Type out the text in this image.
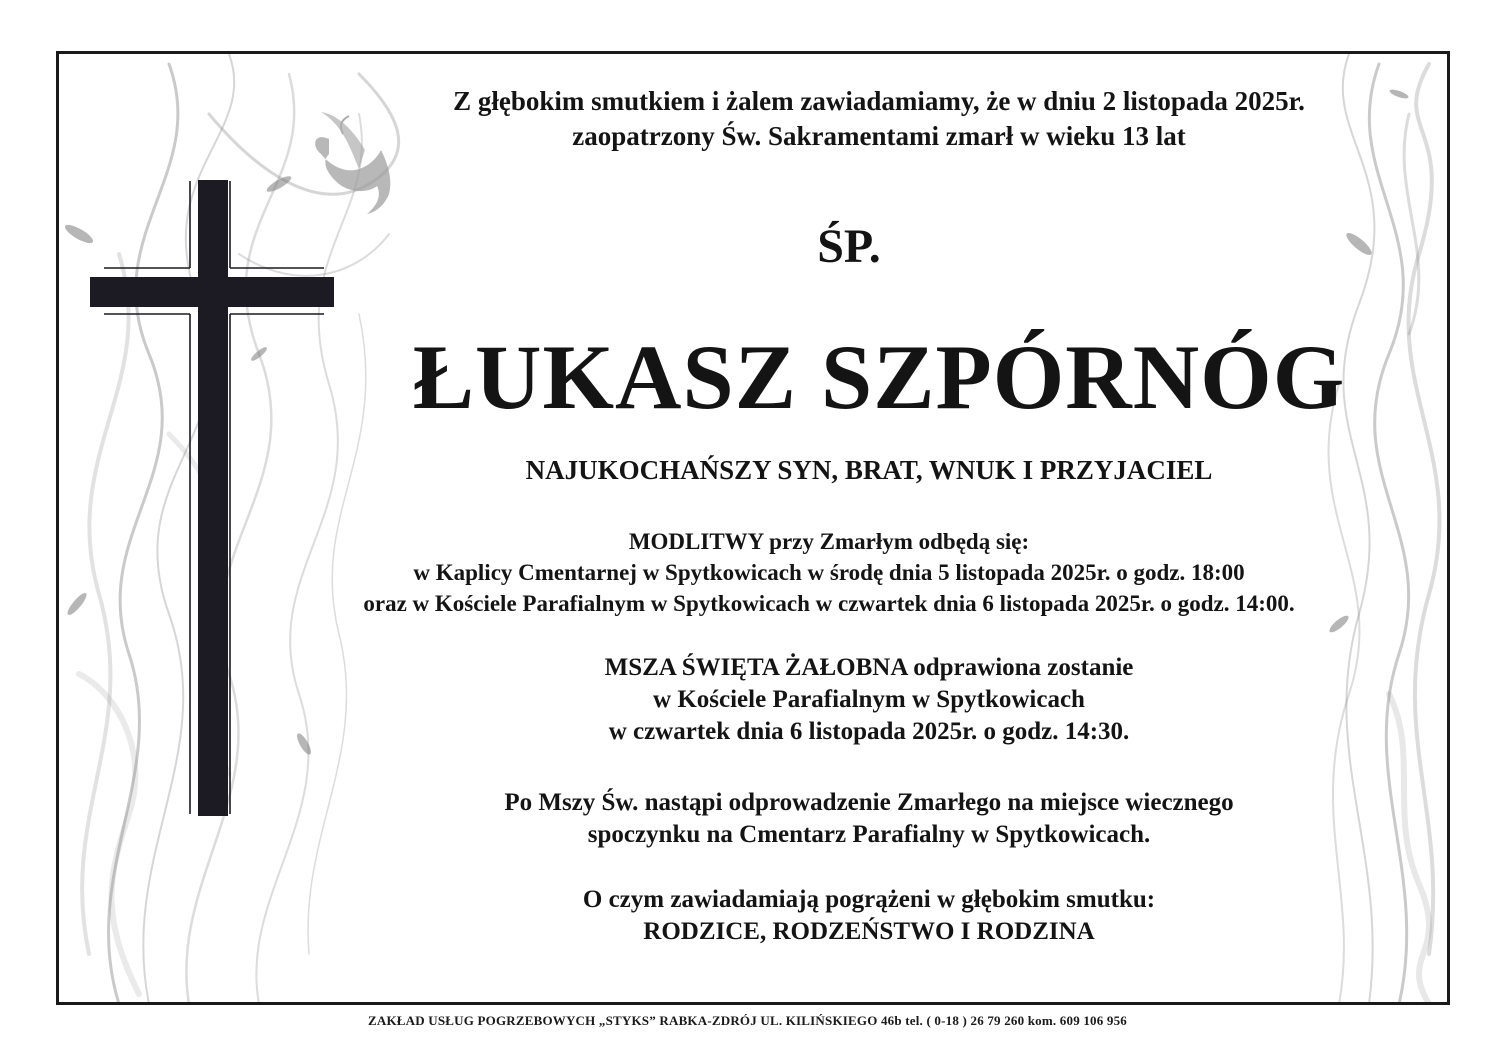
Z głębokim smutkiem i żalem zawiadamiamy, że w dniu 2 listopada 2025r.
zaopatrzony Św. Sakramentami zmarł w wieku 13 lat
ŚP.
ŁUKASZ SZPÓRNÓG
NAJUKOCHAŃSZY SYN, BRAT, WNUK I PRZYJACIEL
MODLITWY przy Zmarłym odbędą się:
w Kaplicy Cmentarnej w Spytkowicach w środę dnia 5 listopada 2025r. o godz. 18:00
oraz w Kościele Parafialnym w Spytkowicach w czwartek dnia 6 listopada 2025r. o godz. 14:00.
MSZA ŚWIĘTA ŻAŁOBNA odprawiona zostanie
w Kościele Parafialnym w Spytkowicach
w czwartek dnia 6 listopada 2025r. o godz. 14:30.
Po Mszy Św. nastąpi odprowadzenie Zmarłego na miejsce wiecznego
spoczynku na Cmentarz Parafialny w Spytkowicach.
O czym zawiadamiają pogrążeni w głębokim smutku:
RODZICE, RODZEŃSTWO I RODZINA
ZAKŁAD USŁUG POGRZEBOWYCH „STYKS” RABKA-ZDRÓJ UL. KILIŃSKIEGO 46b tel. ( 0-18 ) 26 79 260 kom. 609 106 956
